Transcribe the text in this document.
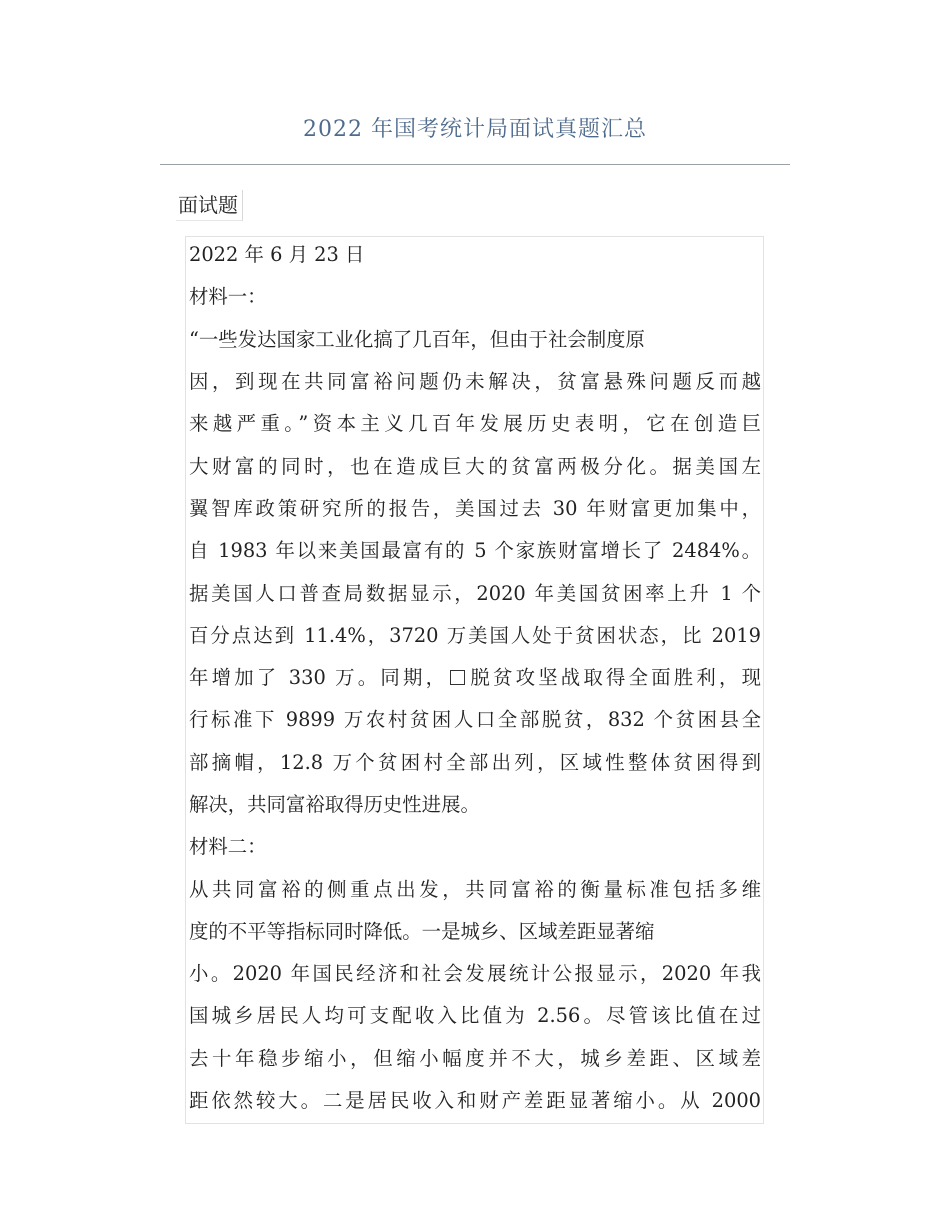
2022 年国考统计局面试真题汇总
面试题
2022 年 6 月 23 日
材料一：
“一些发达国家工业化搞了几百年，但由于社会制度原
因，到现在共同富裕问题仍未解决，贫富悬殊问题反而越
来越严重。”资本主义几百年发展历史表明，它在创造巨
大财富的同时，也在造成巨大的贫富两极分化。据美国左
翼智库政策研究所的报告，美国过去 30 年财富更加集中，
自 1983 年以来美国最富有的 5 个家族财富增长了 2484%。
据美国人口普查局数据显示，2020 年美国贫困率上升 1 个
百分点达到 11.4%，3720 万美国人处于贫困状态，比 2019
年增加了 330 万。同期， 脱贫攻坚战取得全面胜利，现
行标准下 9899 万农村贫困人口全部脱贫，832 个贫困县全
部摘帽，12.8 万个贫困村全部出列，区域性整体贫困得到
解决，共同富裕取得历史性进展。
材料二：
从共同富裕的侧重点出发，共同富裕的衡量标准包括多维
度的不平等指标同时降低。一是城乡、区域差距显著缩
小。2020 年国民经济和社会发展统计公报显示，2020 年我
国城乡居民人均可支配收入比值为 2.56。尽管该比值在过
去十年稳步缩小，但缩小幅度并不大，城乡差距、区域差
距依然较大。二是居民收入和财产差距显著缩小。从 2000
